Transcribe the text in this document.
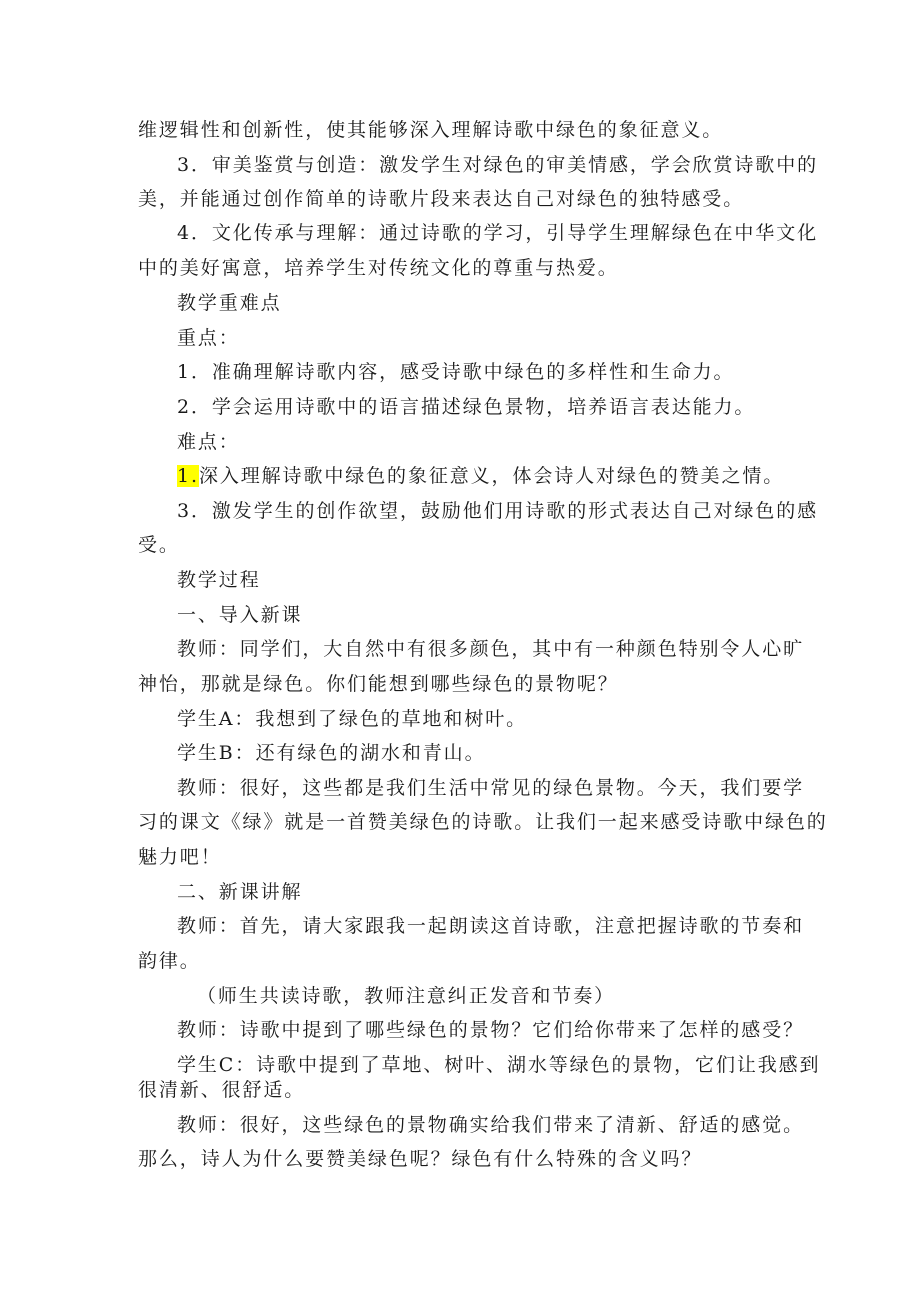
维逻辑性和创新性，使其能够深入理解诗歌中绿色的象征意义。
3．审美鉴赏与创造：激发学生对绿色的审美情感，学会欣赏诗歌中的
美，并能通过创作简单的诗歌片段来表达自己对绿色的独特感受。
4．文化传承与理解：通过诗歌的学习，引导学生理解绿色在中华文化
中的美好寓意，培养学生对传统文化的尊重与热爱。
教学重难点
重点：
1．准确理解诗歌内容，感受诗歌中绿色的多样性和生命力。
2．学会运用诗歌中的语言描述绿色景物，培养语言表达能力。
难点：
1.深入理解诗歌中绿色的象征意义，体会诗人对绿色的赞美之情。
3．激发学生的创作欲望，鼓励他们用诗歌的形式表达自己对绿色的感
受。
教学过程
一、导入新课
教师：同学们，大自然中有很多颜色，其中有一种颜色特别令人心旷
神怡，那就是绿色。你们能想到哪些绿色的景物呢？
学生A：我想到了绿色的草地和树叶。
学生B：还有绿色的湖水和青山。
教师：很好，这些都是我们生活中常见的绿色景物。今天，我们要学
习的课文《绿》就是一首赞美绿色的诗歌。让我们一起来感受诗歌中绿色的
魅力吧！
二、新课讲解
教师：首先，请大家跟我一起朗读这首诗歌，注意把握诗歌的节奏和
韵律。
（师生共读诗歌，教师注意纠正发音和节奏）
教师：诗歌中提到了哪些绿色的景物？它们给你带来了怎样的感受？
学生C：诗歌中提到了草地、树叶、湖水等绿色的景物，它们让我感到
很清新、很舒适。
教师：很好，这些绿色的景物确实给我们带来了清新、舒适的感觉。
那么，诗人为什么要赞美绿色呢？绿色有什么特殊的含义吗？
